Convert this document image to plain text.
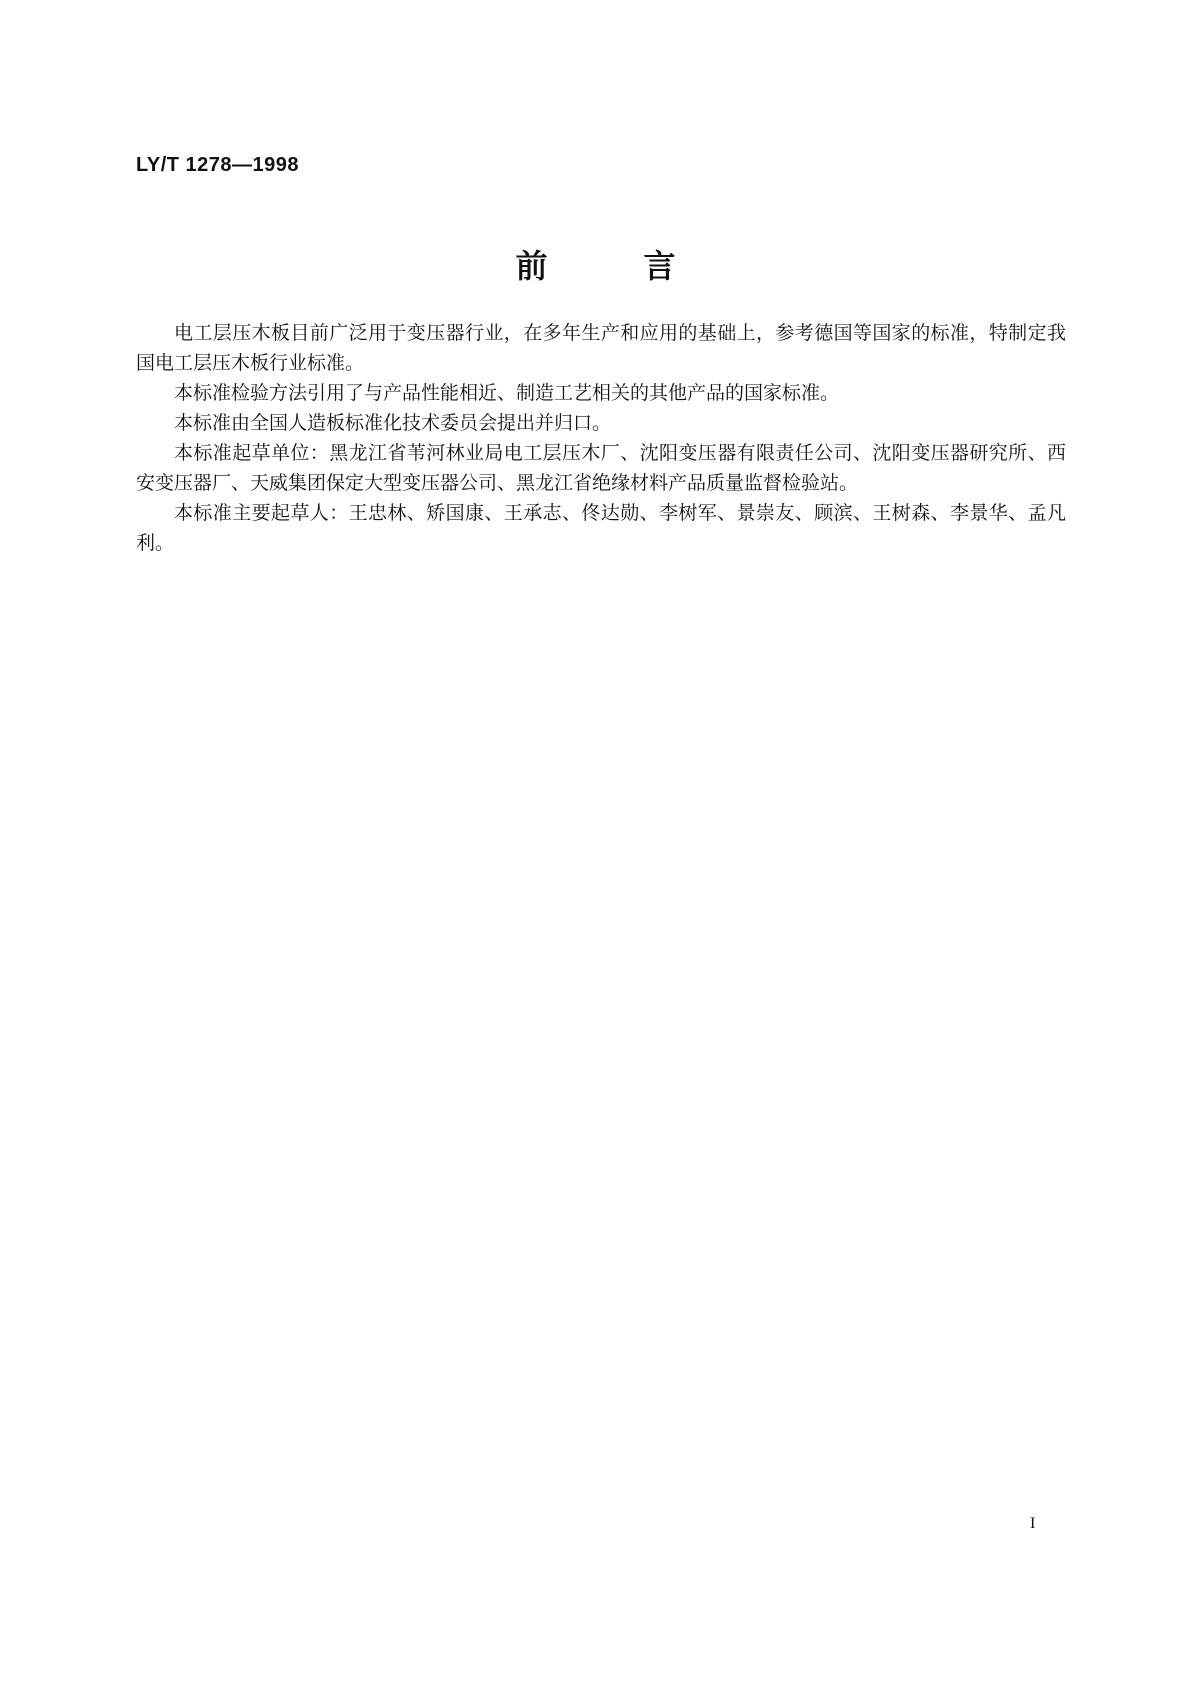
LY/T 1278—1998
前	言

电工层压木板目前广泛用于变压器行业，在多年生产和应用的基础上，参考德国等国家的标准，特制定我国电工层压木板行业标准。

本标准检验方法引用了与产品性能相近、制造工艺相关的其他产品的国家标准。

本标准由全国人造板标准化技术委员会提出并归口。

本标准起草单位：黑龙江省苇河林业局电工层压木厂、沈阳变压器有限责任公司、沈阳变压器研究所、西安变压器厂、天威集团保定大型变压器公司、黑龙江省绝缘材料产品质量监督检验站。

本标准主要起草人：王忠林、矫国康、王承志、佟达勋、李树军、景崇友、顾滨、王树森、李景华、孟凡利。

I
